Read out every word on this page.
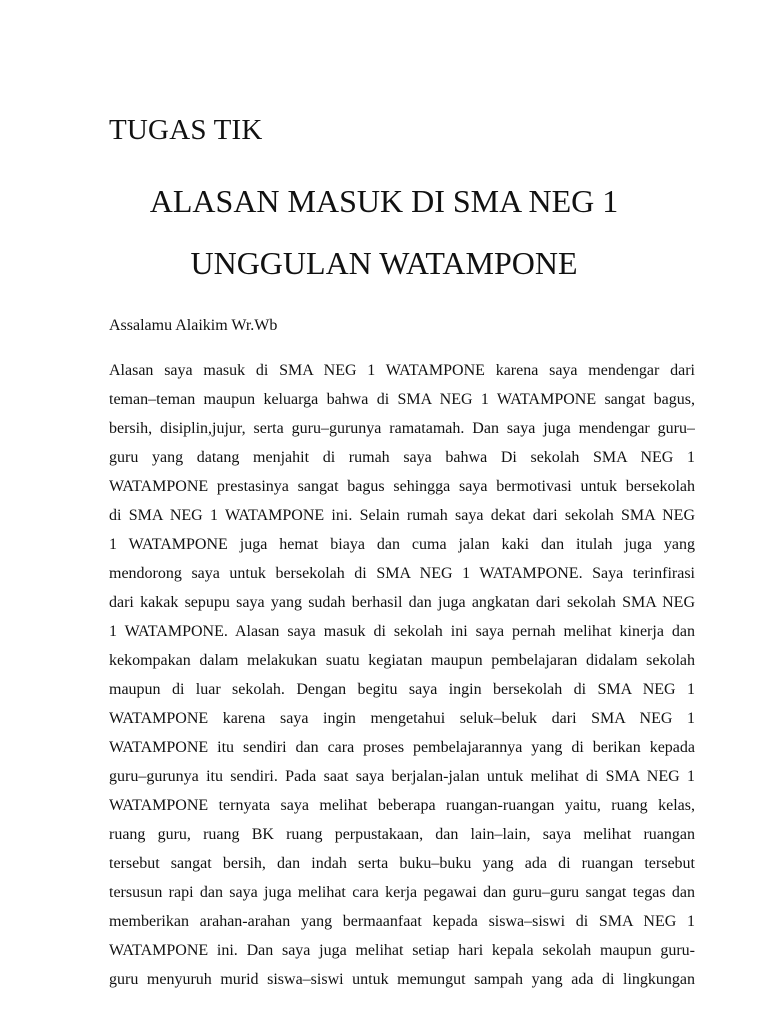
TUGAS TIK
ALASAN MASUK DI SMA NEG 1
UNGGULAN WATAMPONE

Assalamu Alaikim Wr.Wb

Alasan saya masuk di SMA NEG 1 WATAMPONE karena saya mendengar dari
teman–teman maupun keluarga bahwa di SMA NEG 1 WATAMPONE sangat bagus,
bersih, disiplin,jujur, serta guru–gurunya ramatamah. Dan saya juga mendengar guru–
guru yang datang menjahit di rumah saya bahwa Di sekolah SMA NEG 1
WATAMPONE prestasinya sangat bagus sehingga saya bermotivasi untuk bersekolah
di SMA NEG 1 WATAMPONE ini. Selain rumah saya dekat dari sekolah SMA NEG
1 WATAMPONE juga hemat biaya dan cuma jalan kaki dan itulah juga yang
mendorong saya untuk bersekolah di SMA NEG 1 WATAMPONE. Saya terinfirasi
dari kakak sepupu saya yang sudah berhasil dan juga angkatan dari sekolah SMA NEG
1 WATAMPONE. Alasan saya masuk di sekolah ini saya pernah melihat kinerja dan
kekompakan dalam melakukan suatu kegiatan maupun pembelajaran didalam sekolah
maupun di luar sekolah. Dengan begitu saya ingin bersekolah di SMA NEG 1
WATAMPONE karena saya ingin mengetahui seluk–beluk dari SMA NEG 1
WATAMPONE itu sendiri dan cara proses pembelajarannya yang di berikan kepada
guru–gurunya itu sendiri. Pada saat saya berjalan-jalan untuk melihat di SMA NEG 1
WATAMPONE ternyata saya melihat beberapa ruangan-ruangan yaitu, ruang kelas,
ruang guru, ruang BK ruang perpustakaan, dan lain–lain, saya melihat ruangan
tersebut sangat bersih, dan indah serta buku–buku yang ada di ruangan tersebut
tersusun rapi dan saya juga melihat cara kerja pegawai dan guru–guru sangat tegas dan
memberikan arahan-arahan yang bermaanfaat kepada siswa–siswi di SMA NEG 1
WATAMPONE ini. Dan saya juga melihat setiap hari kepala sekolah maupun guru-
guru menyuruh murid siswa–siswi untuk memungut sampah yang ada di lingkungan
